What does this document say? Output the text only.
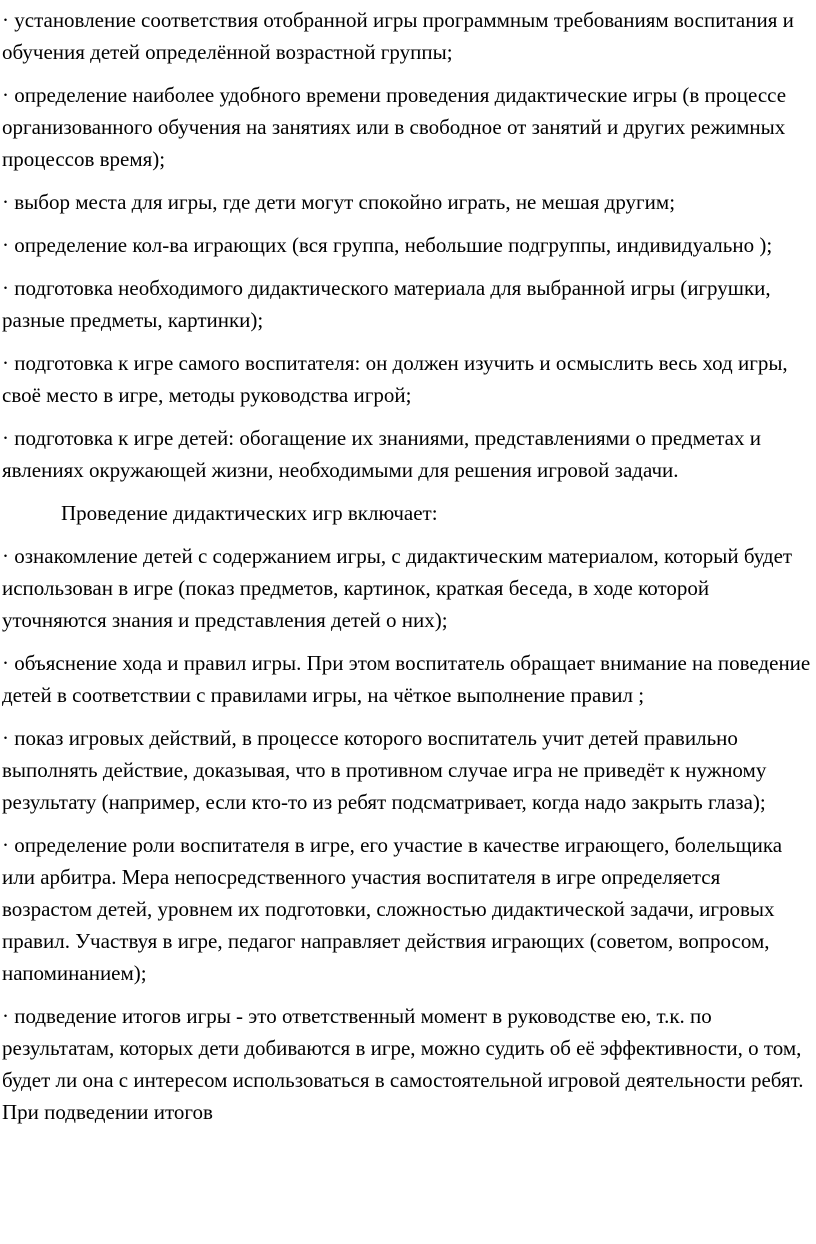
· установление соответствия отобранной игры программным требованиям воспитания и обучения детей определённой возрастной группы;

· определение наиболее удобного времени проведения дидактические игры (в процессе организованного обучения на занятиях или в свободное от занятий и других режимных процессов время);

· выбор места для игры, где дети могут спокойно играть, не мешая другим;

· определение кол-ва играющих (вся группа, небольшие подгруппы, индивидуально );

· подготовка необходимого дидактического материала для выбранной игры (игрушки, разные предметы, картинки);

· подготовка к игре самого воспитателя: он должен изучить и осмыслить весь ход игры, своё место в игре, методы руководства игрой;

· подготовка к игре детей: обогащение их знаниями, представлениями о предметах и явлениях окружающей жизни, необходимыми для решения игровой задачи.

Проведение дидактических игр включает:

· ознакомление детей с содержанием игры, с дидактическим материалом, который будет использован в игре (показ предметов, картинок, краткая беседа, в ходе которой уточняются знания и представления детей о них);

· объяснение хода и правил игры. При этом воспитатель обращает внимание на поведение детей в соответствии с правилами игры, на чёткое выполнение правил ;

· показ игровых действий, в процессе которого воспитатель учит детей правильно выполнять действие, доказывая, что в противном случае игра не приведёт к нужному результату (например, если кто-то из ребят подсматривает, когда надо закрыть глаза);

· определение роли воспитателя в игре, его участие в качестве играющего, болельщика или арбитра. Мера непосредственного участия воспитателя в игре определяется возрастом детей, уровнем их подготовки, сложностью дидактической задачи, игровых правил. Участвуя в игре, педагог направляет действия играющих (советом, вопросом, напоминанием);

· подведение итогов игры - это ответственный момент в руководстве ею, т.к. по результатам, которых дети добиваются в игре, можно судить об её эффективности, о том, будет ли она с интересом использоваться в самостоятельной игровой деятельности ребят. При подведении итогов
